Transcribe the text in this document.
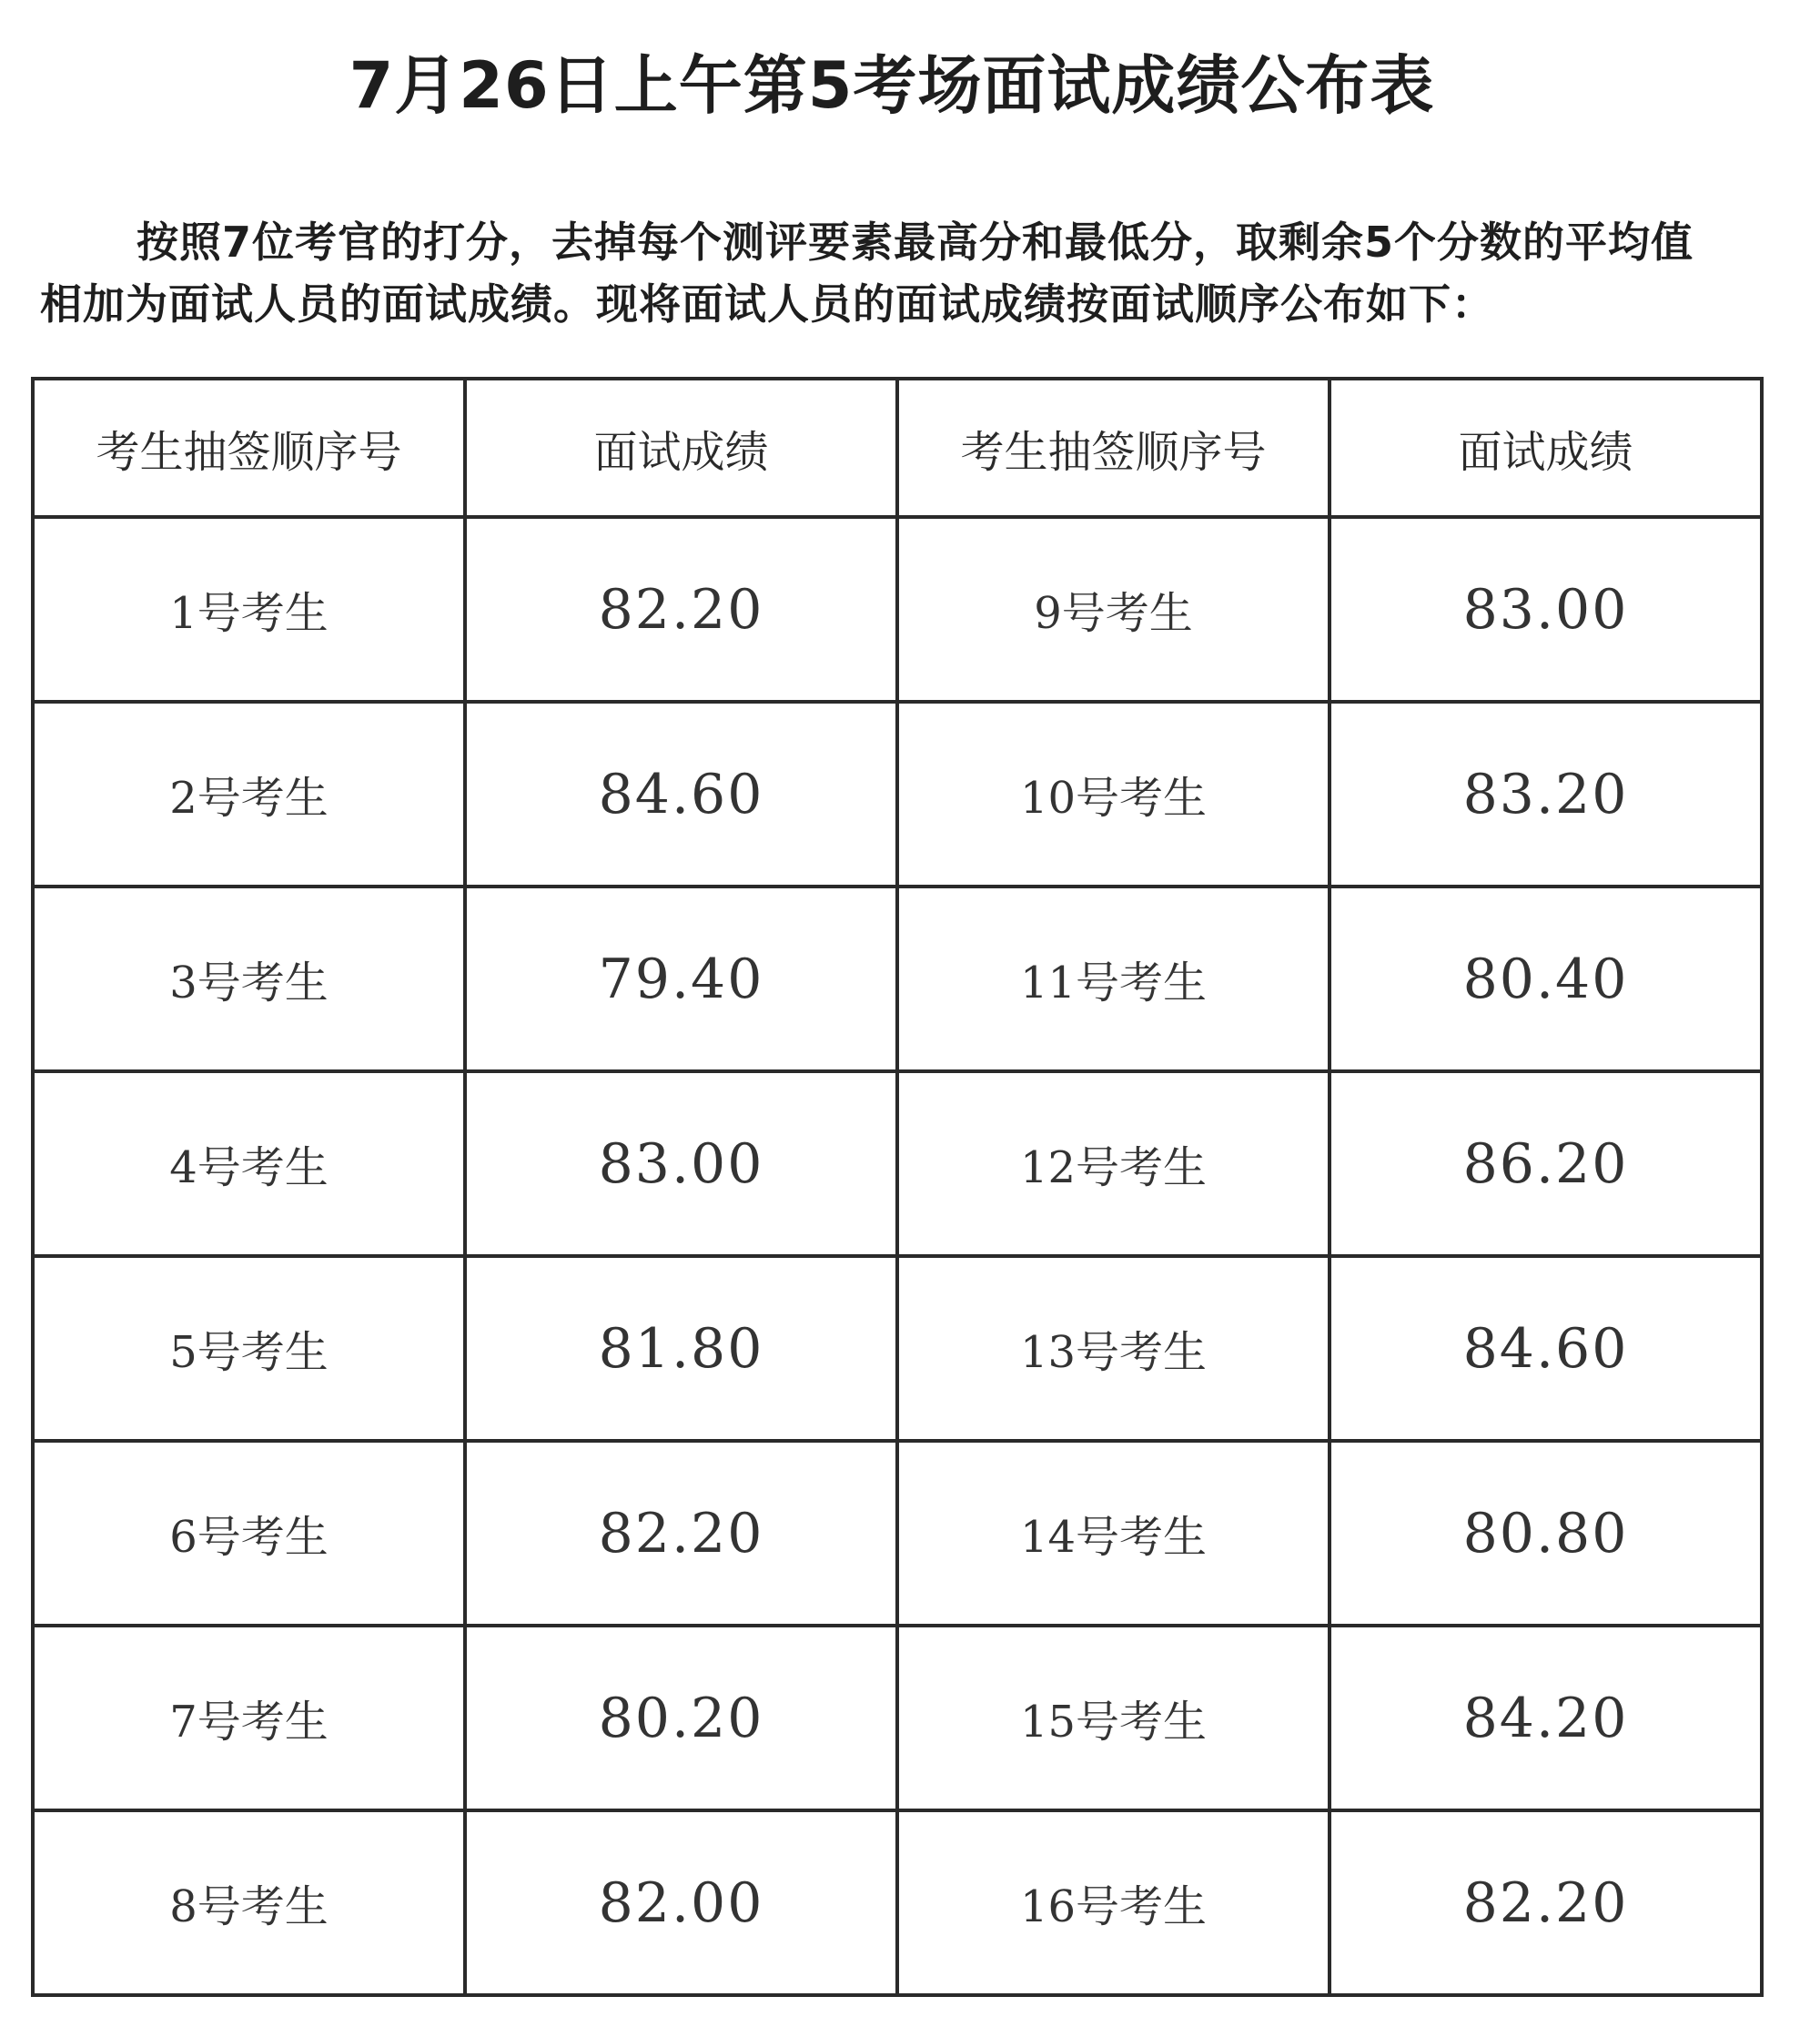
7月26日上午第5考场面试成绩公布表
按照7位考官的打分，去掉每个测评要素最高分和最低分，取剩余5个分数的平均值相加为面试人员的面试成绩。现将面试人员的面试成绩按面试顺序公布如下：
考生抽签顺序号	面试成绩	考生抽签顺序号	面试成绩
1号考生	82.20	9号考生	83.00
2号考生	84.60	10号考生	83.20
3号考生	79.40	11号考生	80.40
4号考生	83.00	12号考生	86.20
5号考生	81.80	13号考生	84.60
6号考生	82.20	14号考生	80.80
7号考生	80.20	15号考生	84.20
8号考生	82.00	16号考生	82.20
